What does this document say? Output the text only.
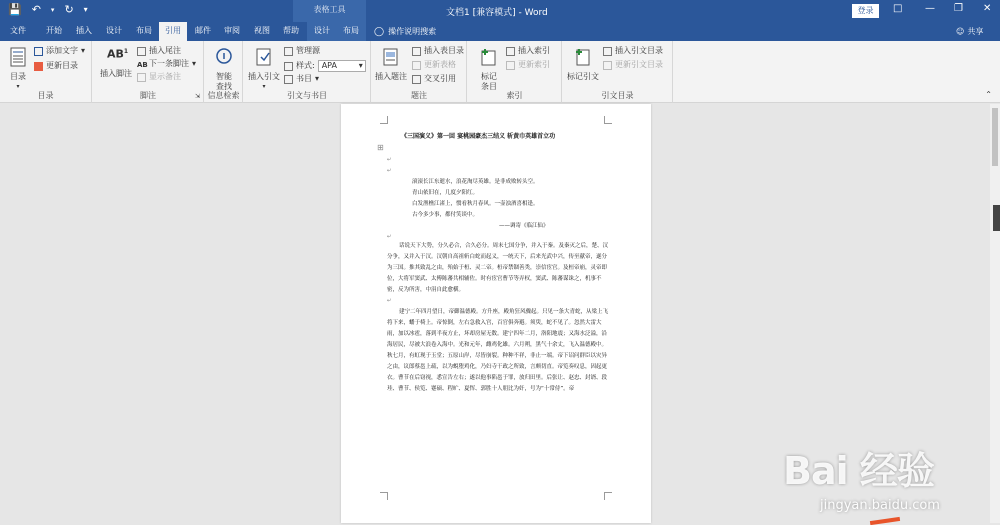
💾 ↶ ▾ ↻ ▾	表格工具	文档1 [兼容模式] - Word	登录	□ — ❐ ✕
文件	开始	插入	设计	布局	引用	邮件	审阅	视图	帮助	设计	布局	◯ 操作说明搜索	☺ 共享
目录
▾
添加文字 ▾
更新目录
目录
$AB^1$
插入脚注
插入尾注
AB 下一条脚注 ▾
显示备注
脚注	⇲
智能
查找
信息检索
插入引文
▾
管理源
样式: APA	▾
书目 ▾
引文与书目
插入题注
插入表目录
更新表格
交叉引用
题注
标记
条目
插入索引
更新索引
索引
标记引文
插入引文目录
更新引文目录
引文目录	⌃
《三国演义》第一回 宴桃园豪杰三结义 斩黄巾英雄首立功
⊞
↵
↵
滚滚长江东逝水，浪花淘尽英雄。是非成败转头空。
青山依旧在，几度夕阳红。
白发渔樵江渚上，惯看秋月春风。一壶浊酒喜相逢。
古今多少事，都付笑谈中。
——调寄《临江仙》
↵
话说天下大势，分久必合，合久必分。周末七国分争，并入于秦。及秦灭之后，楚、汉
分争，又并入于汉。汉朝自高祖斩白蛇而起义，一统天下，后来光武中兴，传至献帝，遂分
为三国。推其致乱之由，殆始于桓、灵二帝。桓帝禁锢善类，崇信宦官。及桓帝崩，灵帝即
位，大将军窦武、太傅陈蕃共相辅佐。时有宦官曹节等弄权，窦武、陈蕃谋诛之，机事不
密，反为所害，中涓自此愈横。
↵
建宁二年四月望日，帝御温德殿。方升座，殿角狂风骤起。只见一条大青蛇，从梁上飞
将下来，蟠于椅上。帝惊倒，左右急救入宫，百官俱奔避。须臾，蛇不见了。忽然大雷大
雨，加以冰雹，落到半夜方止，坏却房屋无数。建宁四年二月，洛阳地震；又海水泛溢，沿
海居民，尽被大浪卷入海中。光和元年，雌鸡化雄。六月朔，黑气十余丈，飞入温德殿中。
秋七月，有虹现于玉堂；五原山岸，尽皆崩裂。种种不祥，非止一端。帝下诏问群臣以灾异
之由，议郎蔡邕上疏，以为蜺堕鸡化，乃妇寺干政之所致，言颇切直。帝览奏叹息，因起更
衣。曹节在后窃视，悉宣告左右；遂以他事陷邕于罪，放归田里。后张让、赵忠、封谞、段
珪、曹节、侯览、蹇硕、程旷、夏恽、郭胜十人朋比为奸，号为“十常侍”。帝
Bai 经验
jingyan.baidu.com
